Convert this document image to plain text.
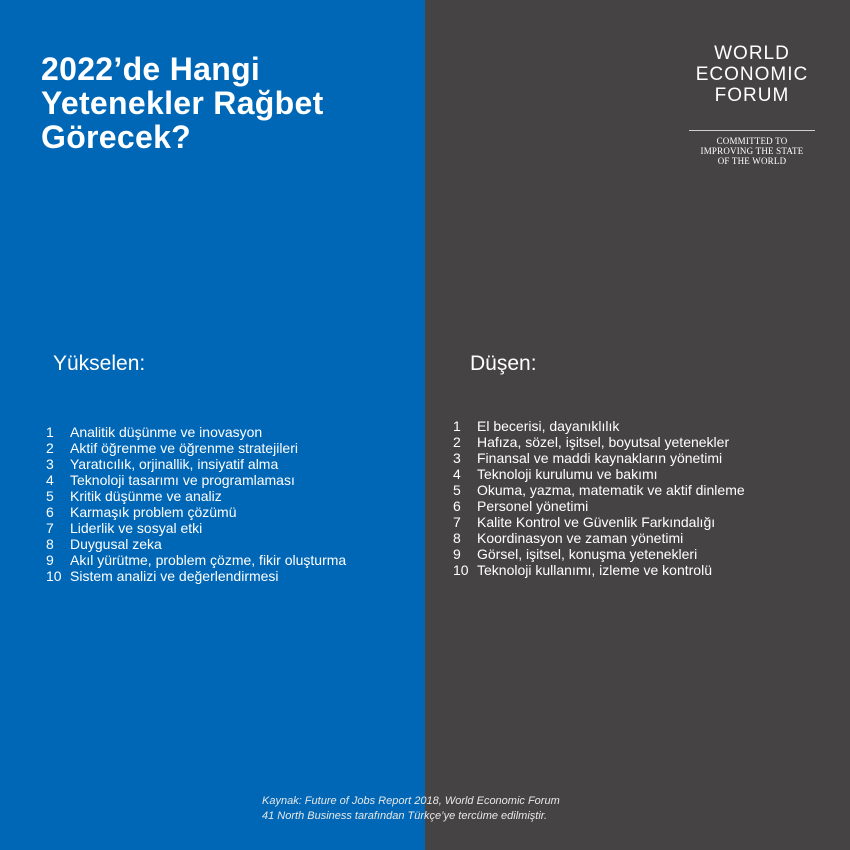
2022’de Hangi
Yetenekler Rağbet
Görecek?
WORLD
ECONOMIC
FORUM
COMMITTED TO
IMPROVING THE STATE
OF THE WORLD
Yükselen:	Düşen:
1	Analitik düşünme ve inovasyon
2	Aktif öğrenme ve öğrenme stratejileri
3	Yaratıcılık, orjinallik, insiyatif alma
4	Teknoloji tasarımı ve programlaması
5	Kritik düşünme ve analiz
6	Karmaşık problem çözümü
7	Liderlik ve sosyal etki
8	Duygusal zeka
9	Akıl yürütme, problem çözme, fikir oluşturma
10 Sistem analizi ve değerlendirmesi
1	El becerisi, dayanıklılık
2	Hafıza, sözel, işitsel, boyutsal yetenekler
3	Finansal ve maddi kaynakların yönetimi
4	Teknoloji kurulumu ve bakımı
5	Okuma, yazma, matematik ve aktif dinleme
6	Personel yönetimi
7	Kalite Kontrol ve Güvenlik Farkındalığı
8	Koordinasyon ve zaman yönetimi
9	Görsel, işitsel, konuşma yetenekleri
10 Teknoloji kullanımı, izleme ve kontrolü
Kaynak: Future of Jobs Report 2018, World Economic Forum
41 North Business tarafından Türkçe’ye tercüme edilmiştir.
